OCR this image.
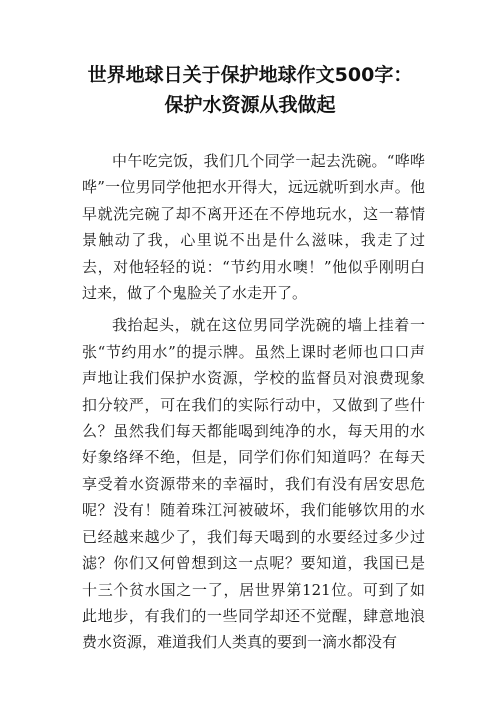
世界地球日关于保护地球作文500字：
保护水资源从我做起

中午吃完饭，我们几个同学一起去洗碗。“哗哗哗”一位男同学他把水开得大，远远就听到水声。他早就洗完碗了却不离开还在不停地玩水，这一幕情景触动了我，心里说不出是什么滋味，我走了过去，对他轻轻的说：“节约用水噢！”他似乎刚明白过来，做了个鬼脸关了水走开了。

我抬起头，就在这位男同学洗碗的墙上挂着一张“节约用水”的提示牌。虽然上课时老师也口口声声地让我们保护水资源，学校的监督员对浪费现象扣分较严，可在我们的实际行动中，又做到了些什么？虽然我们每天都能喝到纯净的水，每天用的水好象络绎不绝，但是，同学们你们知道吗？在每天享受着水资源带来的幸福时，我们有没有居安思危呢？没有！随着珠江河被破坏，我们能够饮用的水已经越来越少了，我们每天喝到的水要经过多少过滤？你们又何曾想到这一点呢？要知道，我国已是十三个贫水国之一了，居世界第121位。可到了如此地步，有我们的一些同学却还不觉醒，肆意地浪费水资源，难道我们人类真的要到一滴水都没有
